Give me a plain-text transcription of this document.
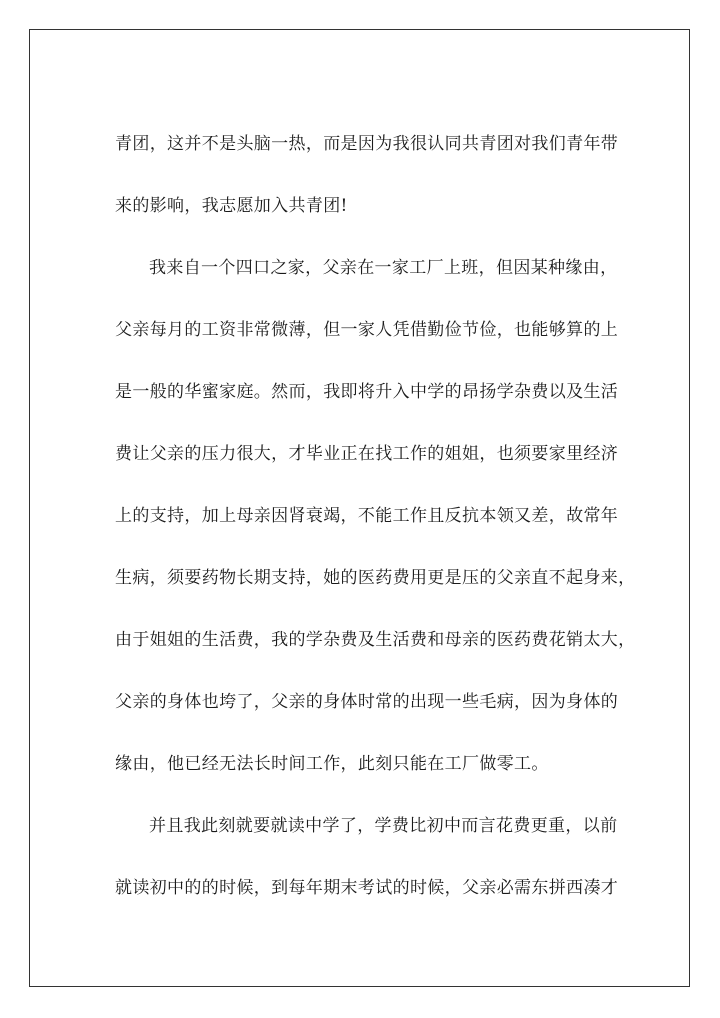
青团，这并不是头脑一热，而是因为我很认同共青团对我们青年带
来的影响，我志愿加入共青团!
我来自一个四口之家，父亲在一家工厂上班，但因某种缘由，
父亲每月的工资非常微薄，但一家人凭借勤俭节俭，也能够算的上
是一般的华蜜家庭。然而，我即将升入中学的昂扬学杂费以及生活
费让父亲的压力很大，才毕业正在找工作的姐姐，也须要家里经济
上的支持，加上母亲因肾衰竭，不能工作且反抗本领又差，故常年
生病，须要药物长期支持，她的医药费用更是压的父亲直不起身来，
由于姐姐的生活费，我的学杂费及生活费和母亲的医药费花销太大，
父亲的身体也垮了，父亲的身体时常的出现一些毛病，因为身体的
缘由，他已经无法长时间工作，此刻只能在工厂做零工。
并且我此刻就要就读中学了，学费比初中而言花费更重，以前
就读初中的的时候，到每年期末考试的时候，父亲必需东拼西凑才
